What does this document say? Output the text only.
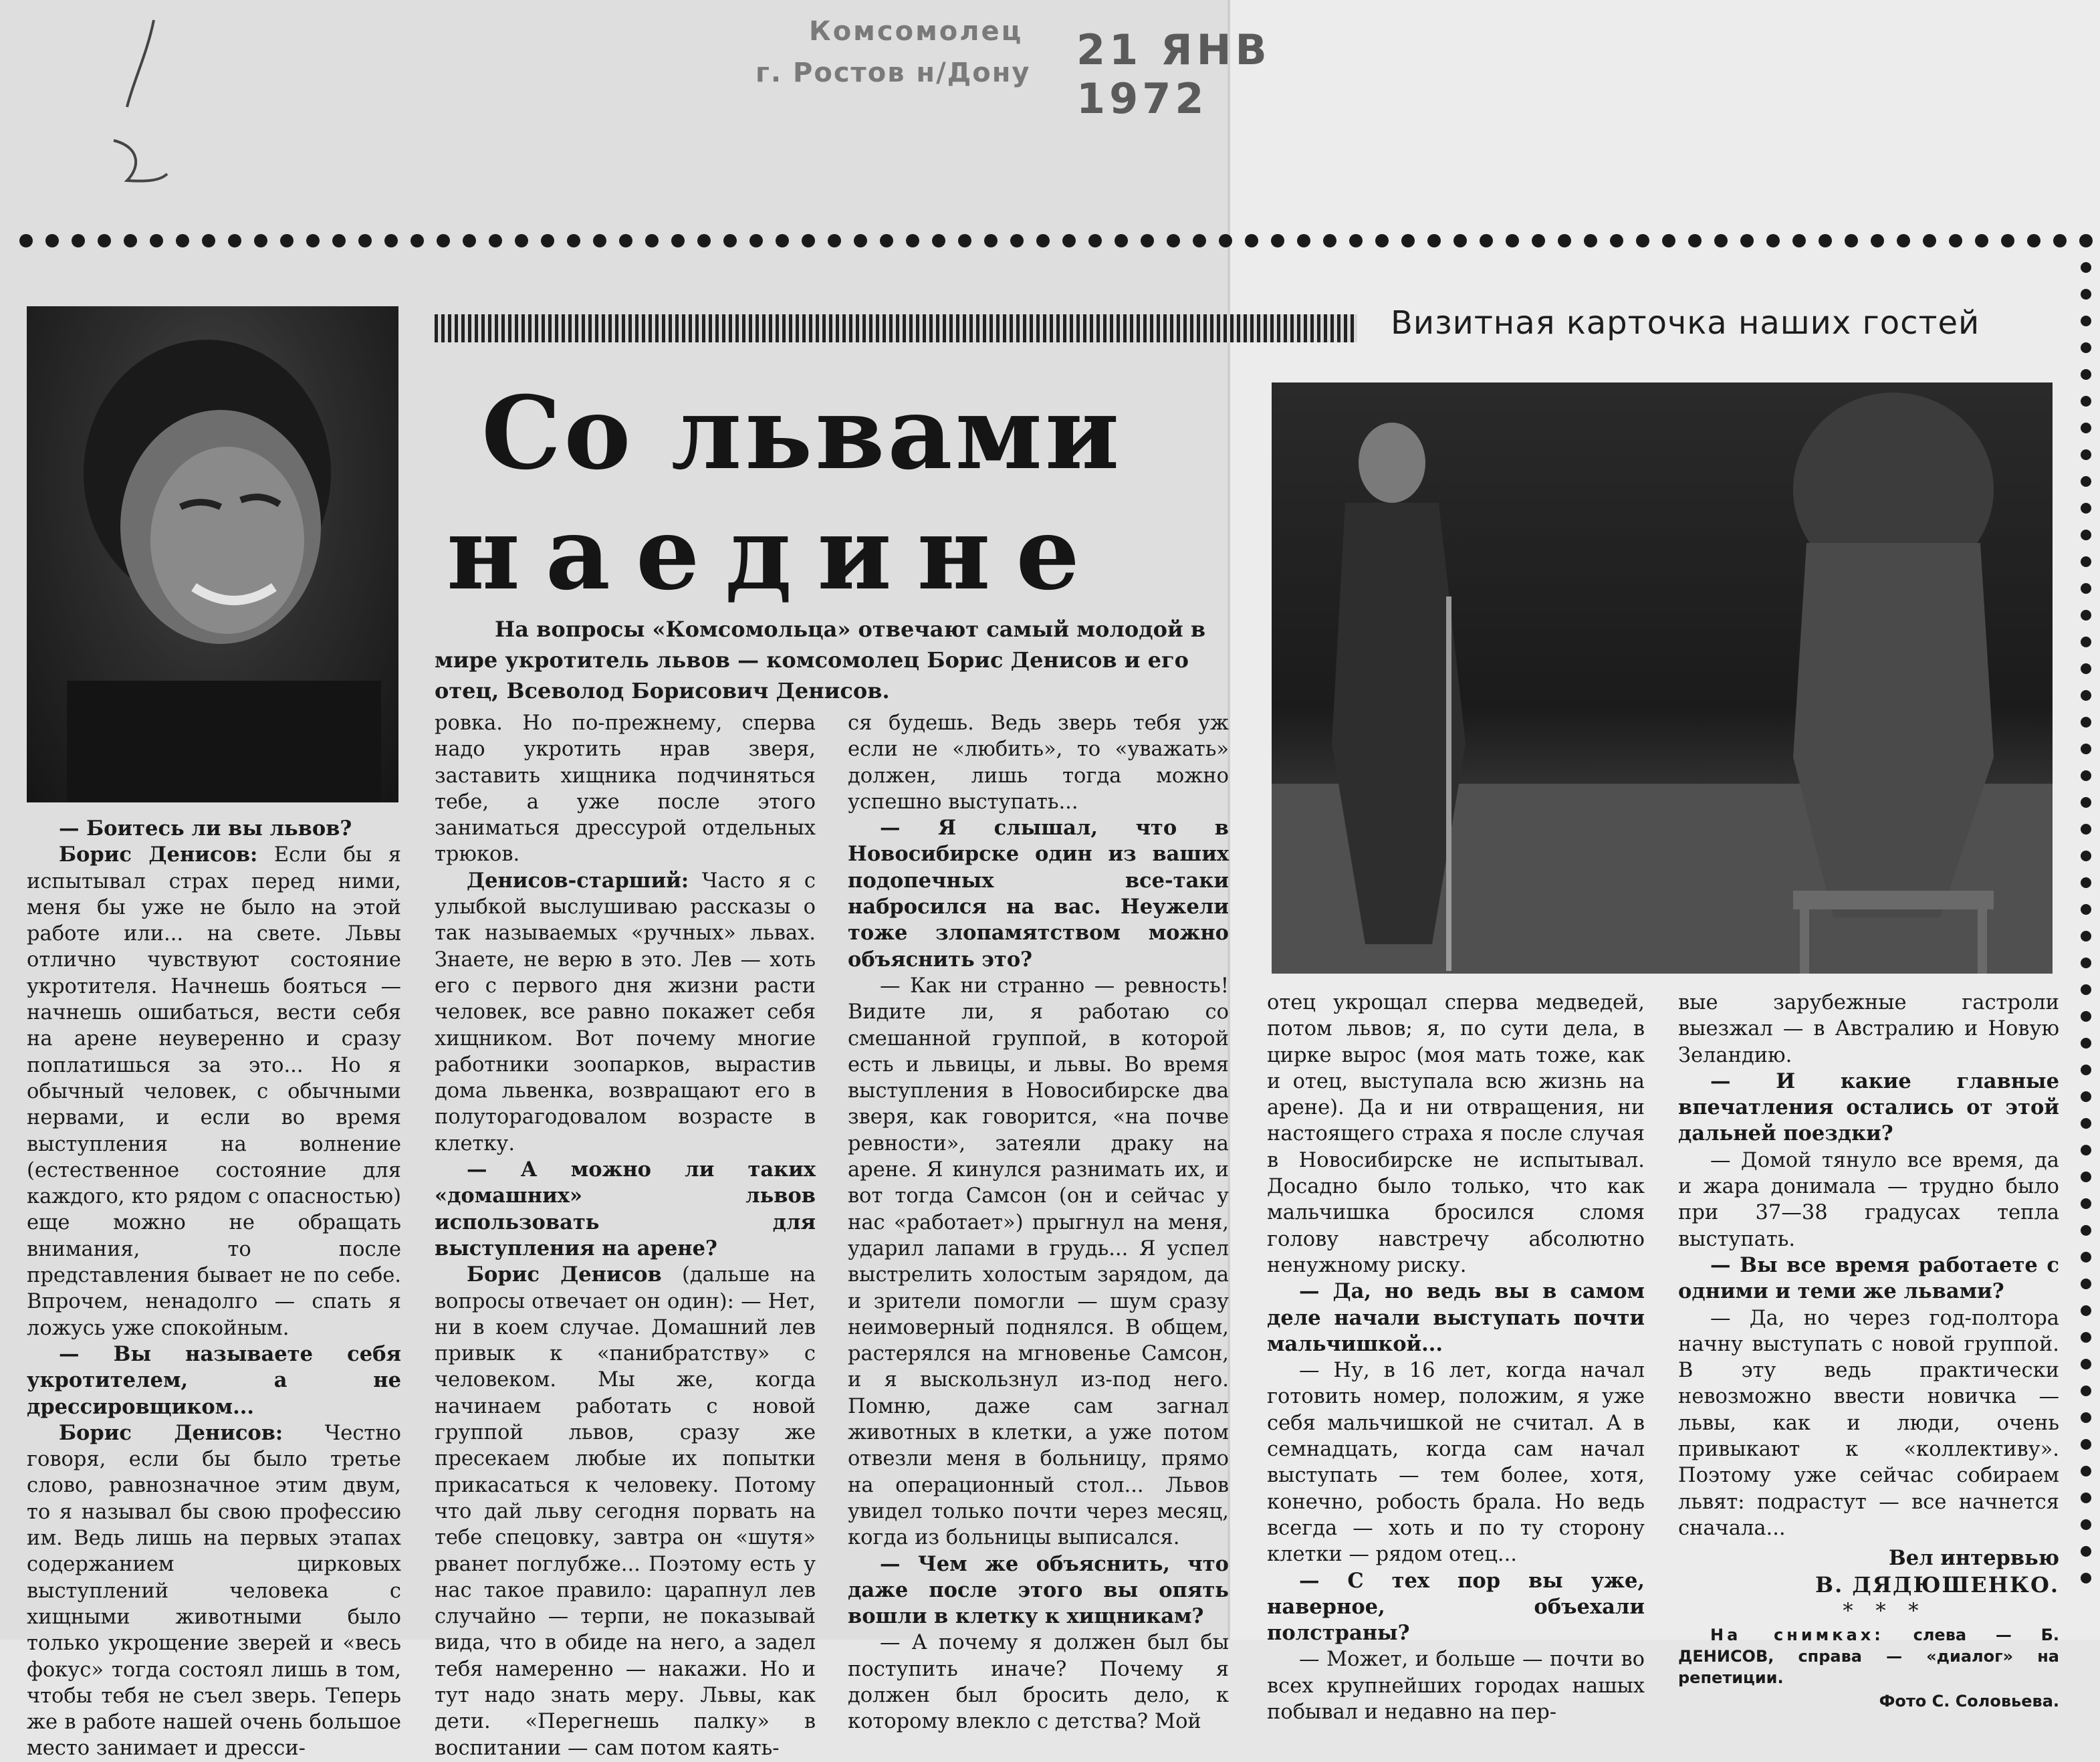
Комсомолец
г. Ростов н/Дону 21 ЯНВ 1972
Визитная карточка наших гостей
Со львами
наедине

На вопросы «Комсомольца» отвечают самый молодой в мире укротитель львов — комсомолец Борис Денисов и его отец, Всеволод Борисович Денисов.

— Боитесь ли вы львов?

Борис Денисов: Если бы я испытывал страх перед ними, меня бы уже не было на этой работе или... на свете. Львы отлично чувствуют состояние укротителя. Начнешь бояться — начнешь ошибаться, вести себя на арене неуверенно и сразу поплатишься за это... Но я обычный человек, с обычными нервами, и если во время выступления на волнение (естественное состояние для каждого, кто рядом с опасностью) еще можно не обращать внимания, то после представления бывает не по себе. Впрочем, ненадолго — спать я ложусь уже спокойным.

— Вы называете себя укротителем, а не дрессировщиком...

Борис Денисов: Честно говоря, если бы было третье слово, равнозначное этим двум, то я назывaл бы свою профессию им. Ведь лишь на первых этапах содержанием цирковых выступлений человека с хищными животными было только укрощение зверей и «весь фокус» тогда состоял лишь в том, чтобы тебя не съел зверь. Теперь же в работе нашей очень большое место занимает и дресси-

ровка. Но по-прежнему, сперва надо укротить нрав зверя, заставить хищника подчиняться тебе, а уже после этого заниматься дрессурой отдельных трюков.

Денисов-старший: Часто я с улыбкой выслушиваю рассказы о так называемых «ручных» львах. Знаете, не верю в это. Лев — хоть его с первого дня жизни расти человек, все равно покажет себя хищником. Вот почему многие работники зоопарков, вырастив дома львенка, возвращают его в полуторагодовалом возрасте в клетку.

— А можно ли таких «домашних» львов использовать для выступления на арене?

Борис Денисов (дальше на вопросы отвечает он один): — Нет, ни в коем случае. Домашний лев привык к «панибратству» с человеком. Мы же, когда начинаем работать с новой группой львов, сразу же пресекаем любые их попытки прикасаться к человеку. Потому что дай льву сегодня порвать на тебе спецовку, завтра он «шутя» рванет поглубже... Поэтому есть у нас такое правило: царапнул лев случайно — терпи, не показывай вида, что в обиде на него, а задел тебя намеренно — накажи. Но и тут надо знать меру. Львы, как дети. «Перегнешь палку» в воспитании — сам потом каять-

ся будешь. Ведь зверь тебя уж если не «любить», то «уважать» должен, лишь тогда можно успешно выступать...

— Я слышал, что в Новосибирске один из ваших подопечных все-таки набросился на вас. Неужели тоже злопамятством можно объяснить это?

— Как ни странно — ревность! Видите ли, я работаю со смешанной группой, в которой есть и львицы, и львы. Во время выступления в Новосибирске два зверя, как говорится, «на почве ревности», затеяли драку на арене. Я кинулся разнимать их, и вот тогда Самсон (он и сейчас у нас «работает») прыгнул на меня, ударил лапами в грудь... Я успел выстрелить холостым зарядом, да и зрители помогли — шум сразу неимоверный поднялся. В общем, растерялся на мгновенье Самсон, и я выскользнул из-под него. Помню, даже сам загнал животных в клетки, а уже потом отвезли меня в больницу, прямо на операционный стол... Львов увидел только почти через месяц, когда из больницы выписался.

— Чем же объяснить, что даже после этого вы опять вошли в клетку к хищникам?

— А почему я должен был бы поступить иначе? Почему я должен был бросить дело, к которому влекло с детства? Мой

отец укрощал сперва медведей, потом львов; я, по сути дела, в цирке вырос (моя мать тоже, как и отец, выступала всю жизнь на арене). Да и ни отвращения, ни настоящего страха я после случая в Новосибирске не испытывал. Досадно было только, что как мальчишка бросился сломя голову навстречу абсолютно ненужному риску.

— Да, но ведь вы в самом деле начали выступать почти мальчишкой...

— Ну, в 16 лет, когда начал готовить номер, положим, я уже себя мальчишкой не считал. А в семнадцать, когда сам начал выступать — тем более, хотя, конечно, робость брала. Но ведь всегда — хоть и по ту сторону клетки — рядом отец...

— С тех пор вы уже, наверное, объехали полстраны?

— Может, и больше — почти во всех крупнейших городах нашых побывал и недавно на пер-

вые зарубежные гастроли выезжал — в Австралию и Новую Зеландию.

— И какие главные впечатления остались от этой дальней поездки?

— Домой тянуло все время, да и жара донимала — трудно было при 37—38 градусах тепла выступать.

— Вы все время работаете с одними и теми же львами?

— Да, но через год-полтора начну выступать с новой группой. В эту ведь практически невозможно ввести новичка — львы, как и люди, очень привыкают к «коллективу». Поэтому уже сейчас собираем львят: подрастут — все начнется сначала...

Вел интервью
В. ДЯДЮШЕНКО.

* * *

На снимках: слева — Б. ДЕНИСОВ, справа — «диалог» на репетиции.

Фото С. Соловьева.
